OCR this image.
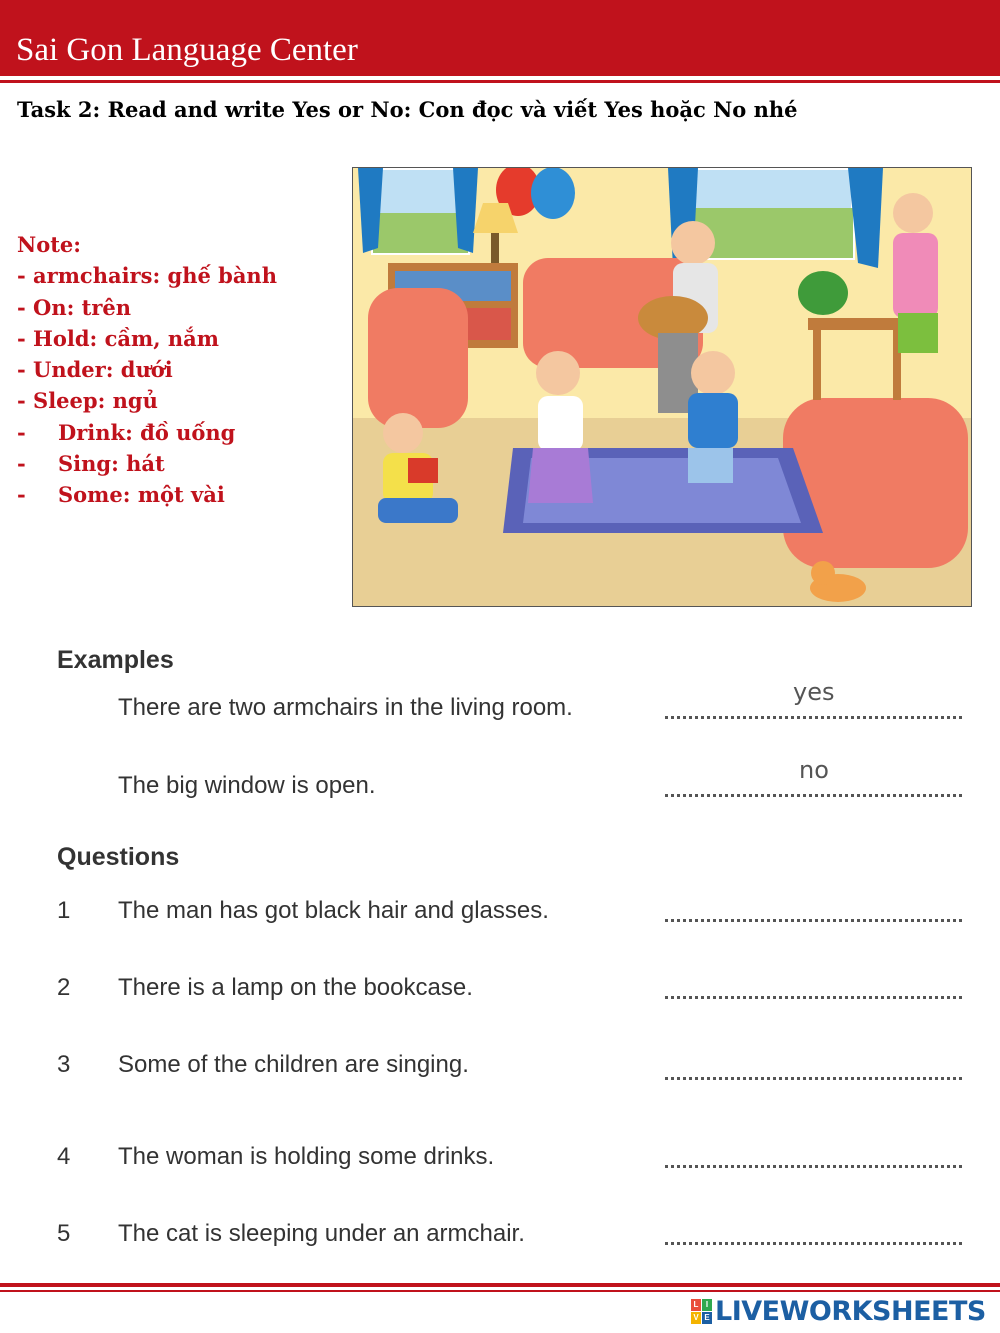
Sai Gon Language Center
Task 2: Read and write Yes or No: Con đọc và viết Yes hoặc No nhé
Note:
- armchairs: ghế bành
- On: trên
- Hold: cầm, nắm
- Under: dưới
- Sleep: ngủ
- Drink: đồ uống
- Sing: hát
- Some: một vài
Examples
There are two armchairs in the living room.
yes
The big window is open.
no
Questions
1	The man has got black hair and glasses.
2	There is a lamp on the bookcase.
3	Some of the children are singing.
4	The woman is holding some drinks.
5	The cat is sleeping under an armchair.
L I
V E LIVEWORKSHEETS
